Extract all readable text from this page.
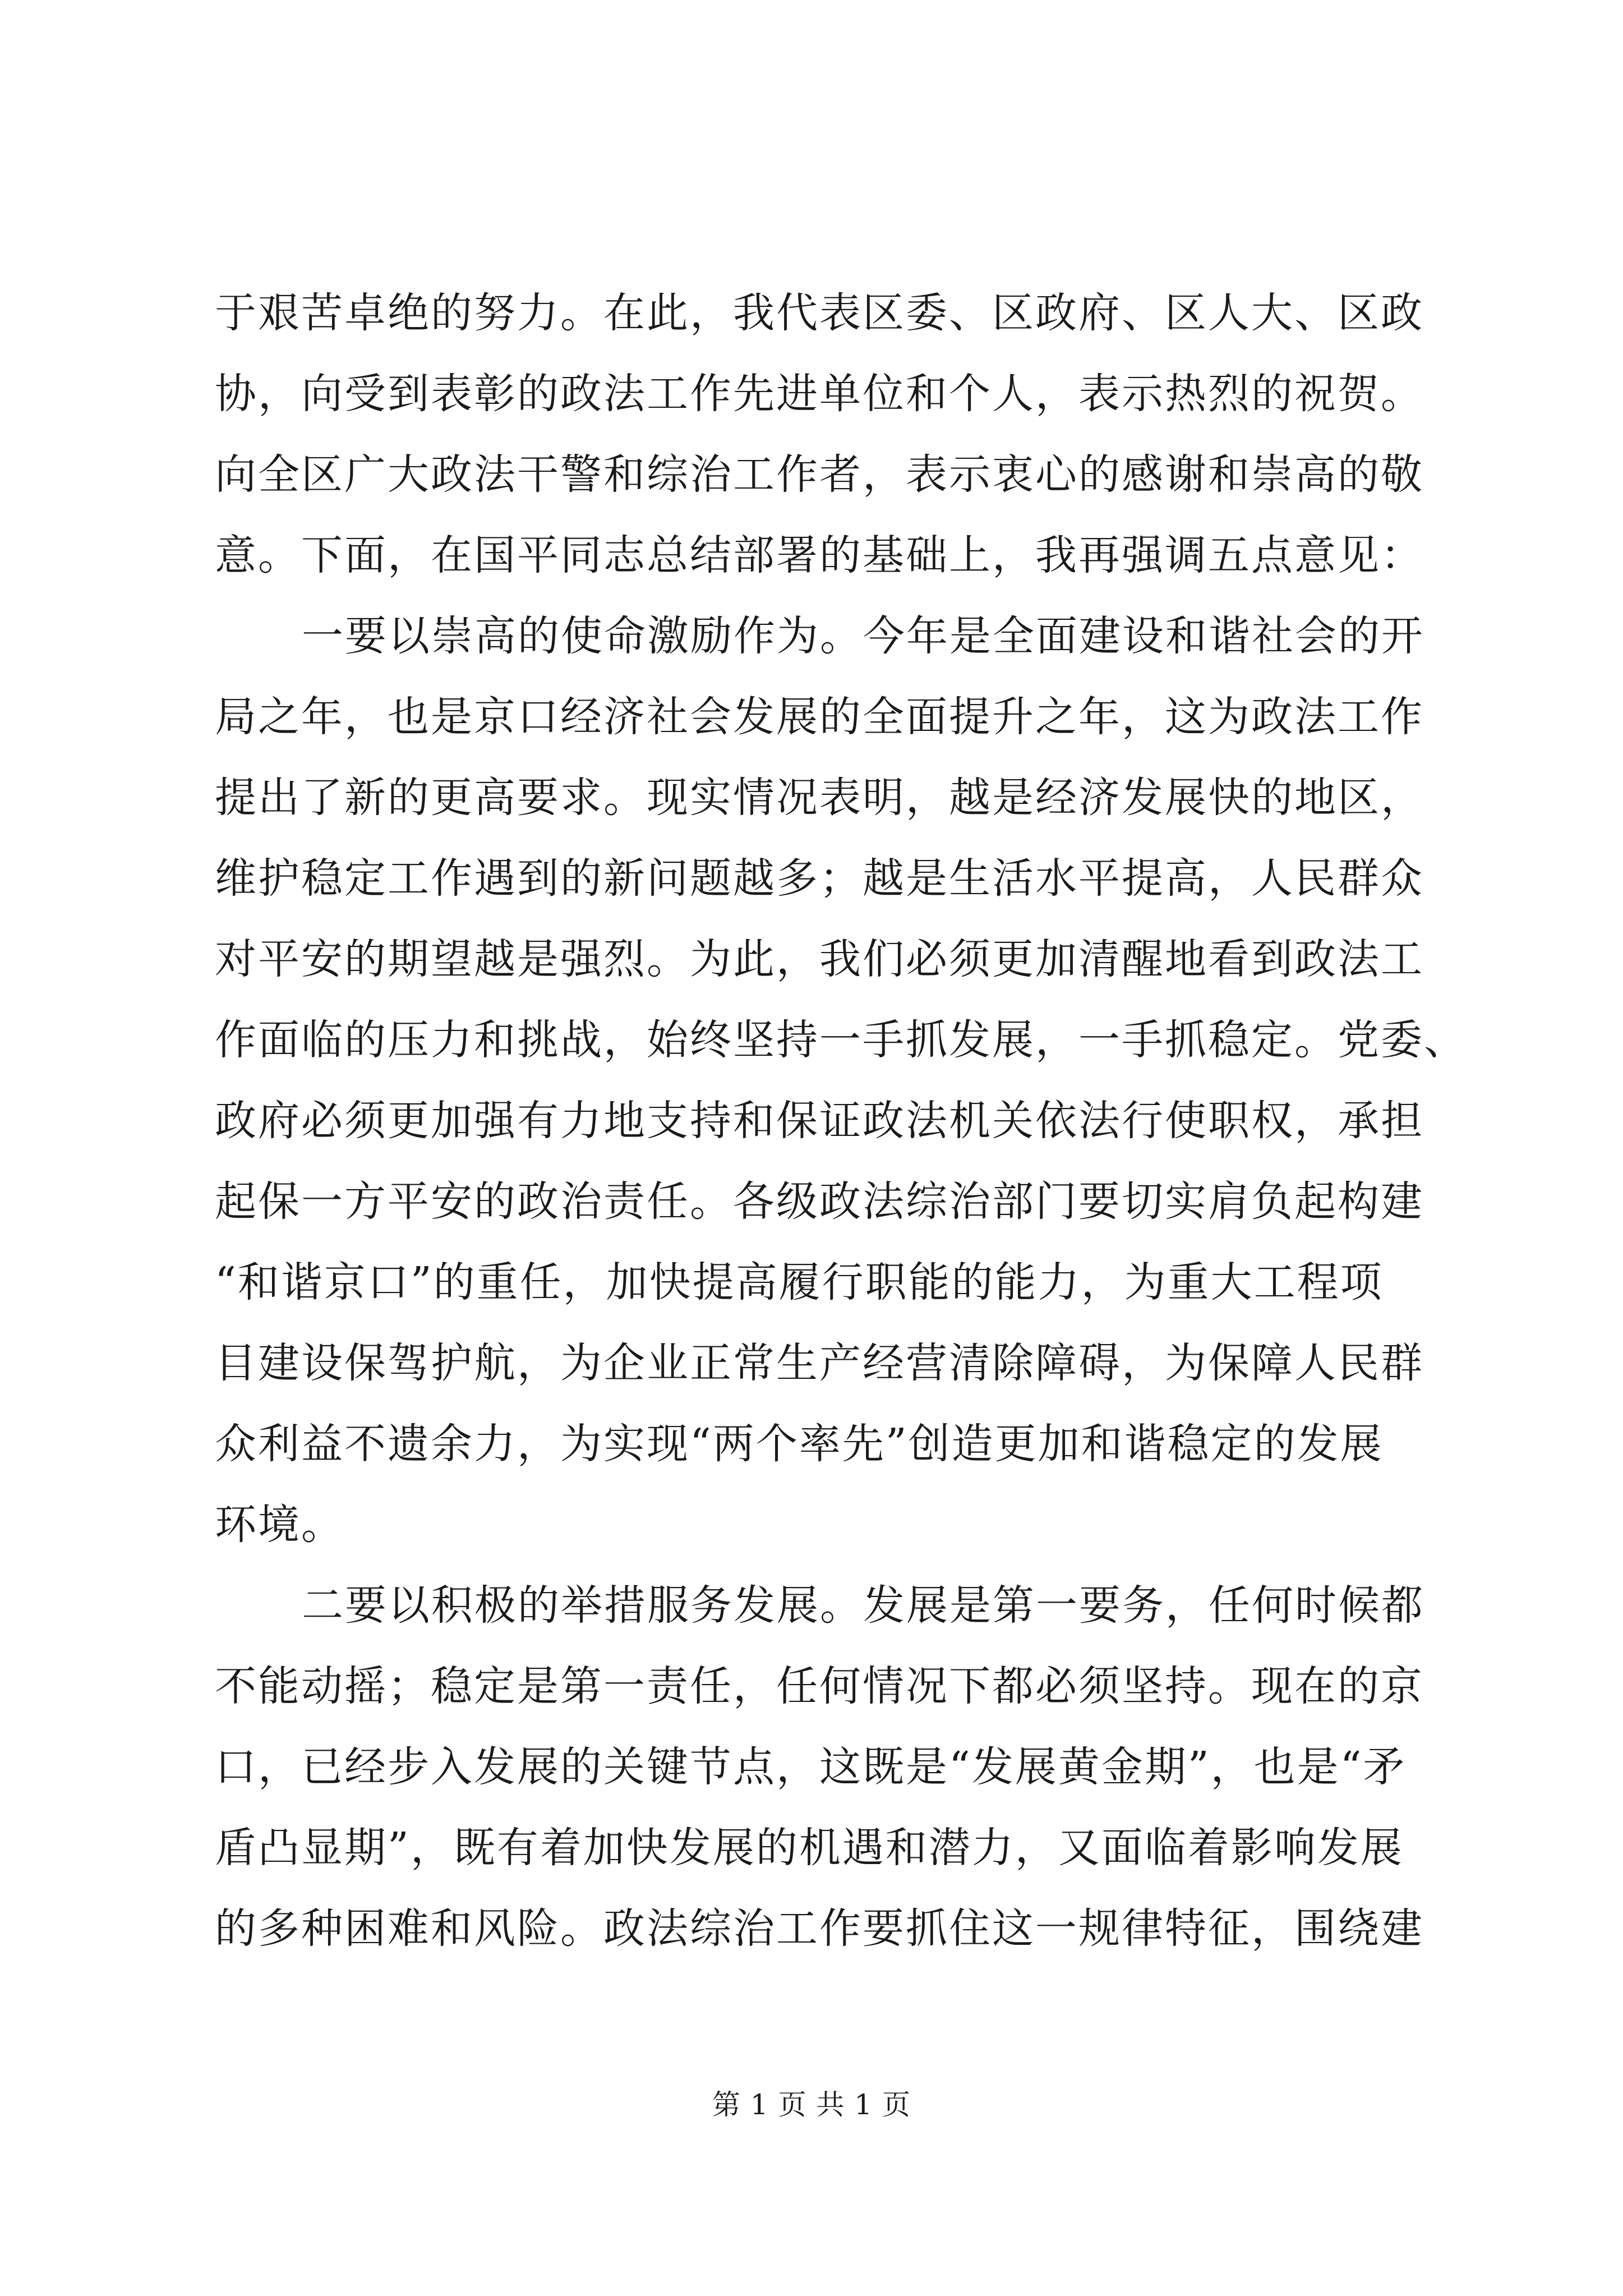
于艰苦卓绝的努力。在此，我代表区委、区政府、区人大、区政
协，向受到表彰的政法工作先进单位和个人，表示热烈的祝贺。
向全区广大政法干警和综治工作者，表示衷心的感谢和崇高的敬
意。下面，在国平同志总结部署的基础上，我再强调五点意见：
一要以崇高的使命激励作为。今年是全面建设和谐社会的开
局之年，也是京口经济社会发展的全面提升之年，这为政法工作
提出了新的更高要求。现实情况表明，越是经济发展快的地区，
维护稳定工作遇到的新问题越多；越是生活水平提高，人民群众
对平安的期望越是强烈。为此，我们必须更加清醒地看到政法工
作面临的压力和挑战，始终坚持一手抓发展，一手抓稳定。党委、
政府必须更加强有力地支持和保证政法机关依法行使职权，承担
起保一方平安的政治责任。各级政法综治部门要切实肩负起构建
“和谐京口”的重任，加快提高履行职能的能力，为重大工程项
目建设保驾护航，为企业正常生产经营清除障碍，为保障人民群
众利益不遗余力，为实现“两个率先”创造更加和谐稳定的发展
环境。
二要以积极的举措服务发展。发展是第一要务，任何时候都
不能动摇；稳定是第一责任，任何情况下都必须坚持。现在的京
口，已经步入发展的关键节点，这既是“发展黄金期”，也是“矛
盾凸显期”，既有着加快发展的机遇和潜力，又面临着影响发展
的多种困难和风险。政法综治工作要抓住这一规律特征，围绕建
第 1 页 共 1 页
